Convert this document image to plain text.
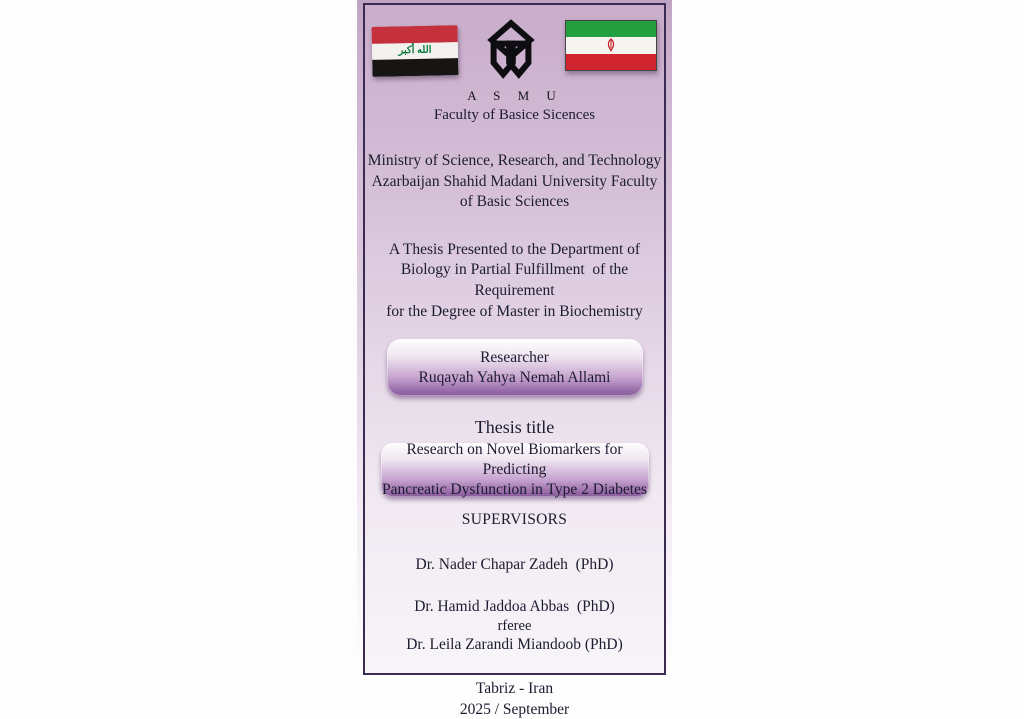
الله أكبر
A S M U
Faculty of Basice Sicences
Ministry of Science, Research, and Technology
Azarbaijan Shahid Madani University Faculty
of Basic Sciences
A Thesis Presented to the Department of
Biology in Partial Fulfillment  of the Requirement
for the Degree of Master in Biochemistry
Researcher
Ruqayah Yahya Nemah Allami
Thesis title
Research on Novel Biomarkers for Predicting
Pancreatic Dysfunction in Type 2 Diabetes
SUPERVISORS
Dr. Nader Chapar Zadeh  (PhD)
Dr. Hamid Jaddoa Abbas  (PhD)
rferee
Dr. Leila Zarandi Miandoob (PhD)
Tabriz - Iran
2025 / September
